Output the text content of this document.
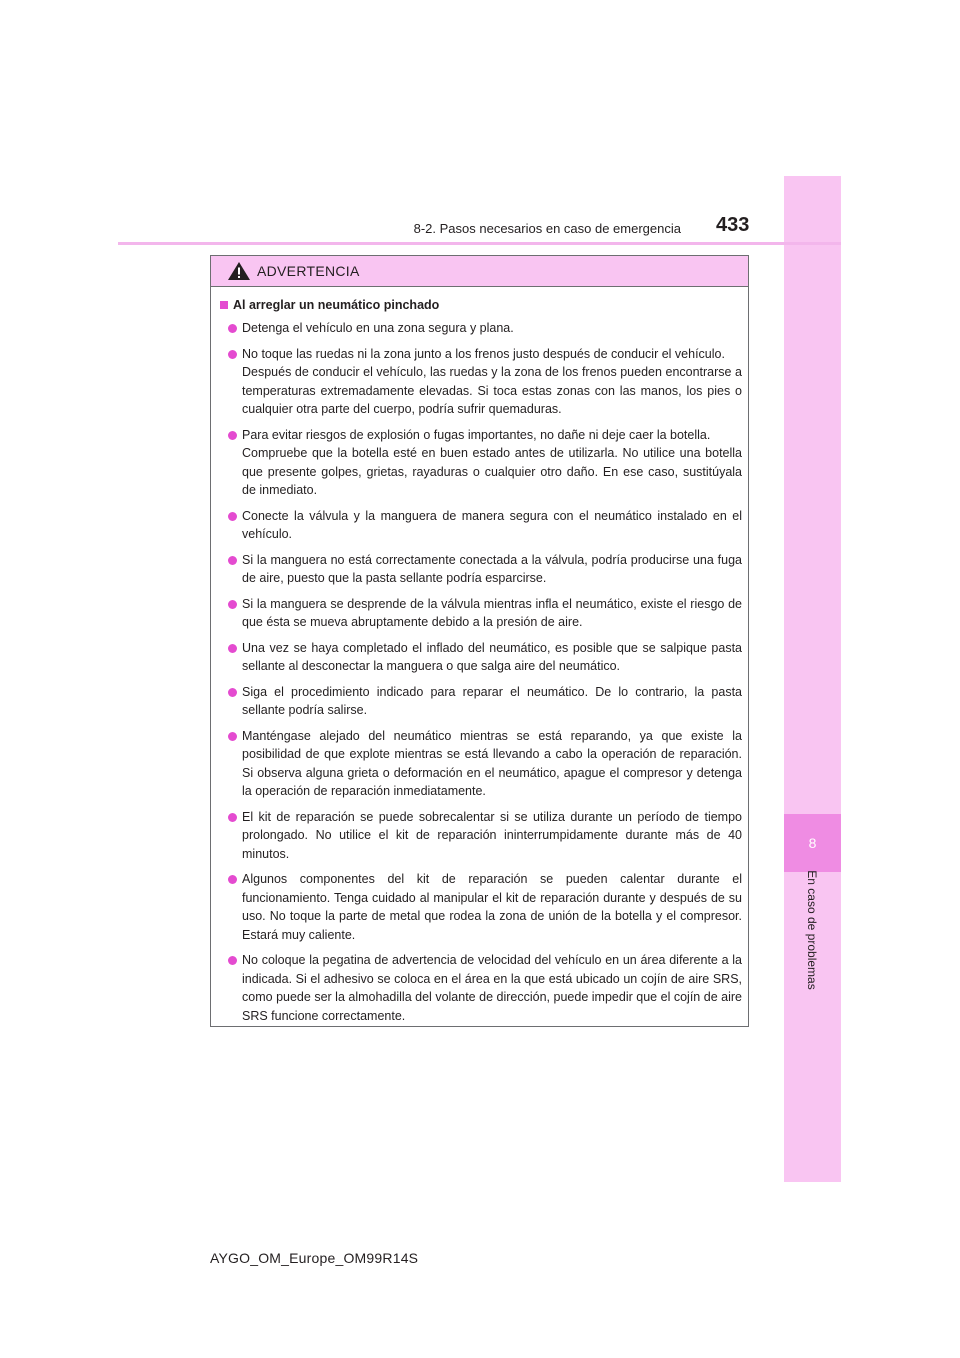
8
En caso de problemas
8-2. Pasos necesarios en caso de emergencia 433
ADVERTENCIA
Al arreglar un neumático pinchado

Detenga el vehículo en una zona segura y plana.

No toque las ruedas ni la zona junto a los frenos justo después de conducir el vehículo.

Después de conducir el vehículo, las ruedas y la zona de los frenos pueden encontrarse a temperaturas extremadamente elevadas. Si toca estas zonas con las manos, los pies o cualquier otra parte del cuerpo, podría sufrir quemaduras.

Para evitar riesgos de explosión o fugas importantes, no dañe ni deje caer la botella.

Compruebe que la botella esté en buen estado antes de utilizarla. No utilice una botella que presente golpes, grietas, rayaduras o cualquier otro daño. En ese caso, sustitúyala de inmediato.

Conecte la válvula y la manguera de manera segura con el neumático instalado en el vehículo.

Si la manguera no está correctamente conectada a la válvula, podría producirse una fuga de aire, puesto que la pasta sellante podría esparcirse.

Si la manguera se desprende de la válvula mientras infla el neumático, existe el riesgo de que ésta se mueva abruptamente debido a la presión de aire.

Una vez se haya completado el inflado del neumático, es posible que se salpique pasta sellante al desconectar la manguera o que salga aire del neumático.

Siga el procedimiento indicado para reparar el neumático. De lo contrario, la pasta sellante podría salirse.

Manténgase alejado del neumático mientras se está reparando, ya que existe la posibilidad de que explote mientras se está llevando a cabo la operación de reparación. Si observa alguna grieta o deformación en el neumático, apague el compresor y detenga la operación de reparación inmediatamente.

El kit de reparación se puede sobrecalentar si se utiliza durante un período de tiempo prolongado. No utilice el kit de reparación ininterrumpidamente durante más de 40 minutos.

Algunos componentes del kit de reparación se pueden calentar durante el funcionamiento. Tenga cuidado al manipular el kit de reparación durante y después de su uso. No toque la parte de metal que rodea la zona de unión de la botella y el compresor. Estará muy caliente.

No coloque la pegatina de advertencia de velocidad del vehículo en un área diferente a la indicada. Si el adhesivo se coloca en el área en la que está ubicado un cojín de aire SRS, como puede ser la almohadilla del volante de dirección, puede impedir que el cojín de aire SRS funcione correctamente.

AYGO_OM_Europe_OM99R14S
